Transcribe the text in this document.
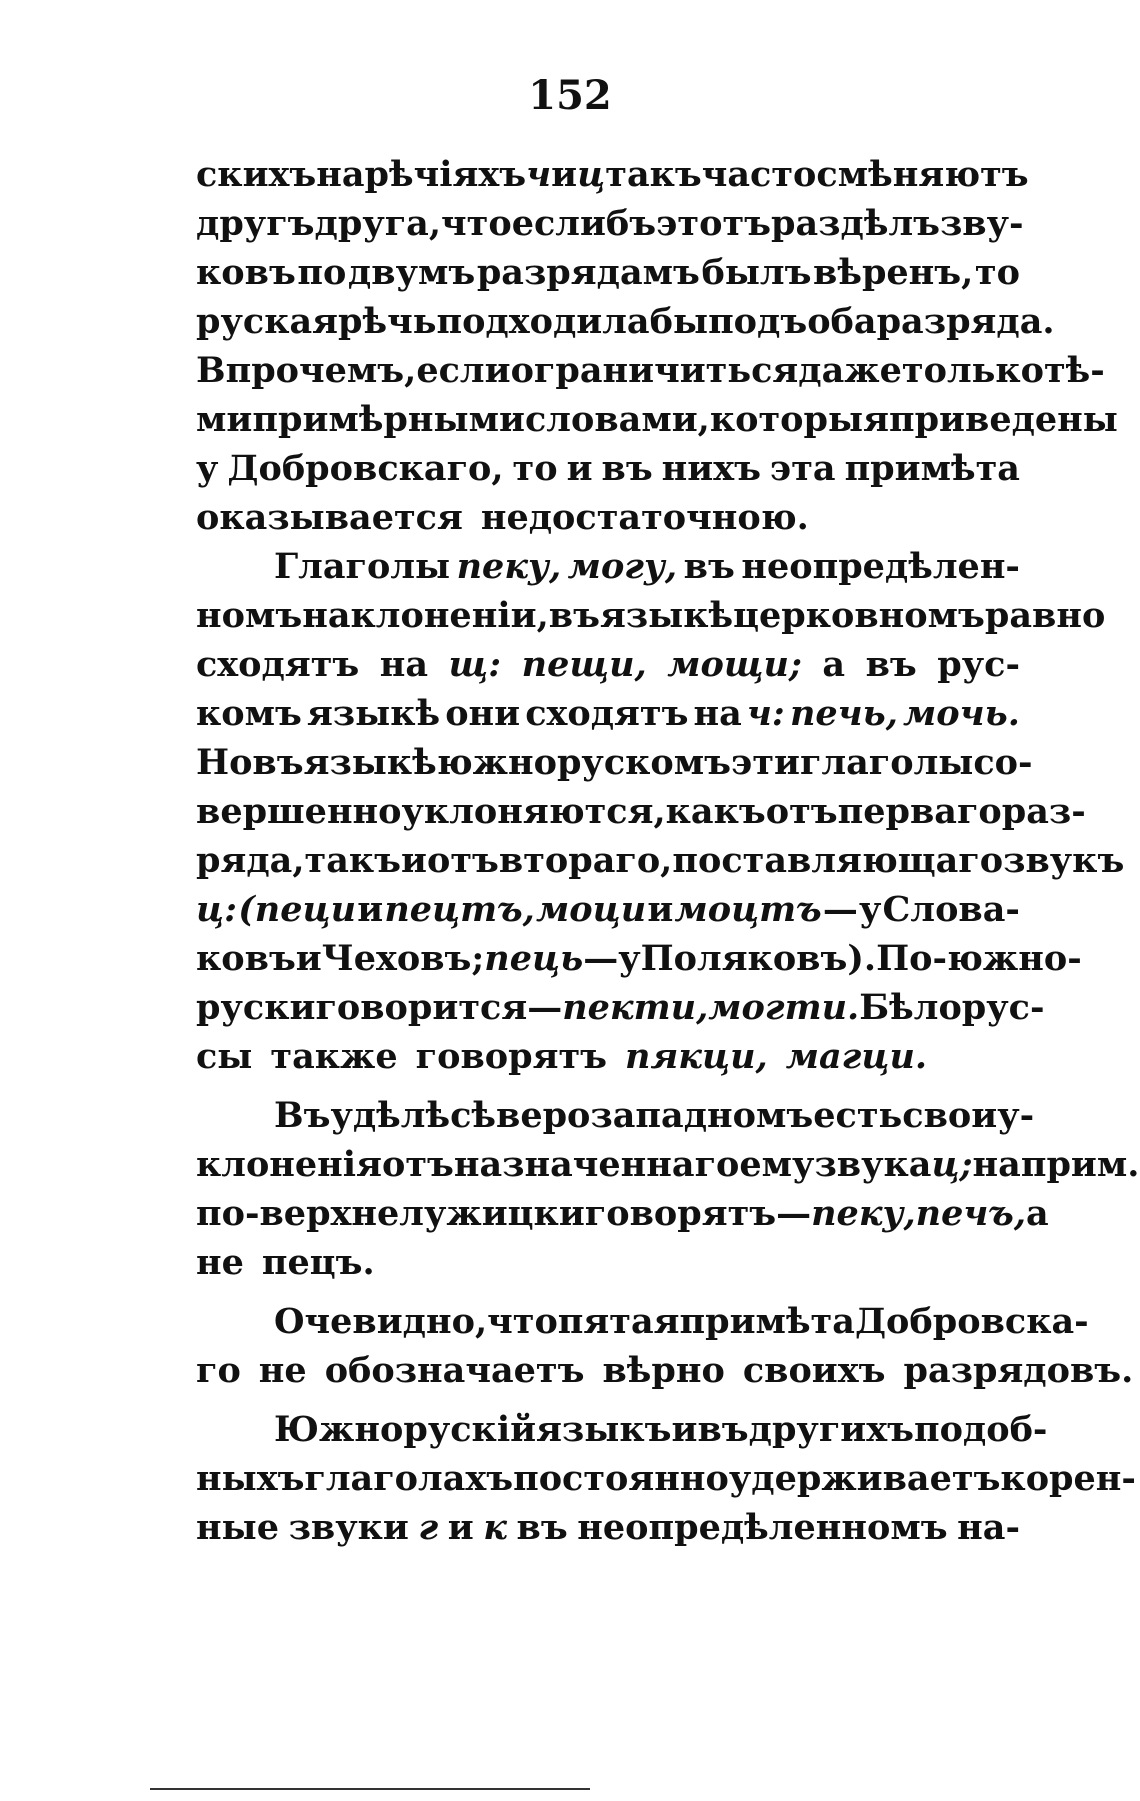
152
скихъ нарѣчіяхъ ч и ц такъ часто смѣняютъ
другъ друга, что еслибъ этотъ раздѣлъ зву-
ковъ по двумъ разрядамъ былъ вѣренъ, то
руская рѣчь подходила бы подъ оба разряда.
Впрочемъ, если ограничиться даже только тѣ-
ми примѣрными словами, которыя приведены
у Добровскаго, то и въ нихъ эта примѣта
оказывается недостаточною.
Глаголы пеку, могу, въ неопредѣлен-
номъ наклоненіи, въ языкѣ церковномъ равно
сходятъ на щ: пещи, мощи; а въ рус-
комъ языкѣ они сходятъ на ч: печь, мочь.
Но въ языкѣ южнорускомъ эти глаголы со-
вершенно уклоняются, какъ отъ перваго раз-
ряда, такъ и отъ втораго, поставляющаго звукъ
ц: (пеци и пецтъ, моци и моцтъ — у Слова-
ковъ и Чеховъ; пець —у Поляковъ). По-южно-
руски говорится — пекти, могти. Бѣлорус-
сы также говорятъ пякци, магци.
Въ удѣлѣ сѣверозападномъ есть свои у-
клоненія отъ назначеннаго ему звука ц; наприм.
по-верхнелужицки говорятъ — пеку, печъ, а
не пецъ.
Очевидно, что пятая примѣта Добровска-
го не обозначаетъ вѣрно своихъ разрядовъ.
Южнорускій языкъ и въ другихъ подоб-
ныхъ глаголахъ постоянно удерживаетъ корен-
ные звуки г и к въ неопредѣленномъ на-
